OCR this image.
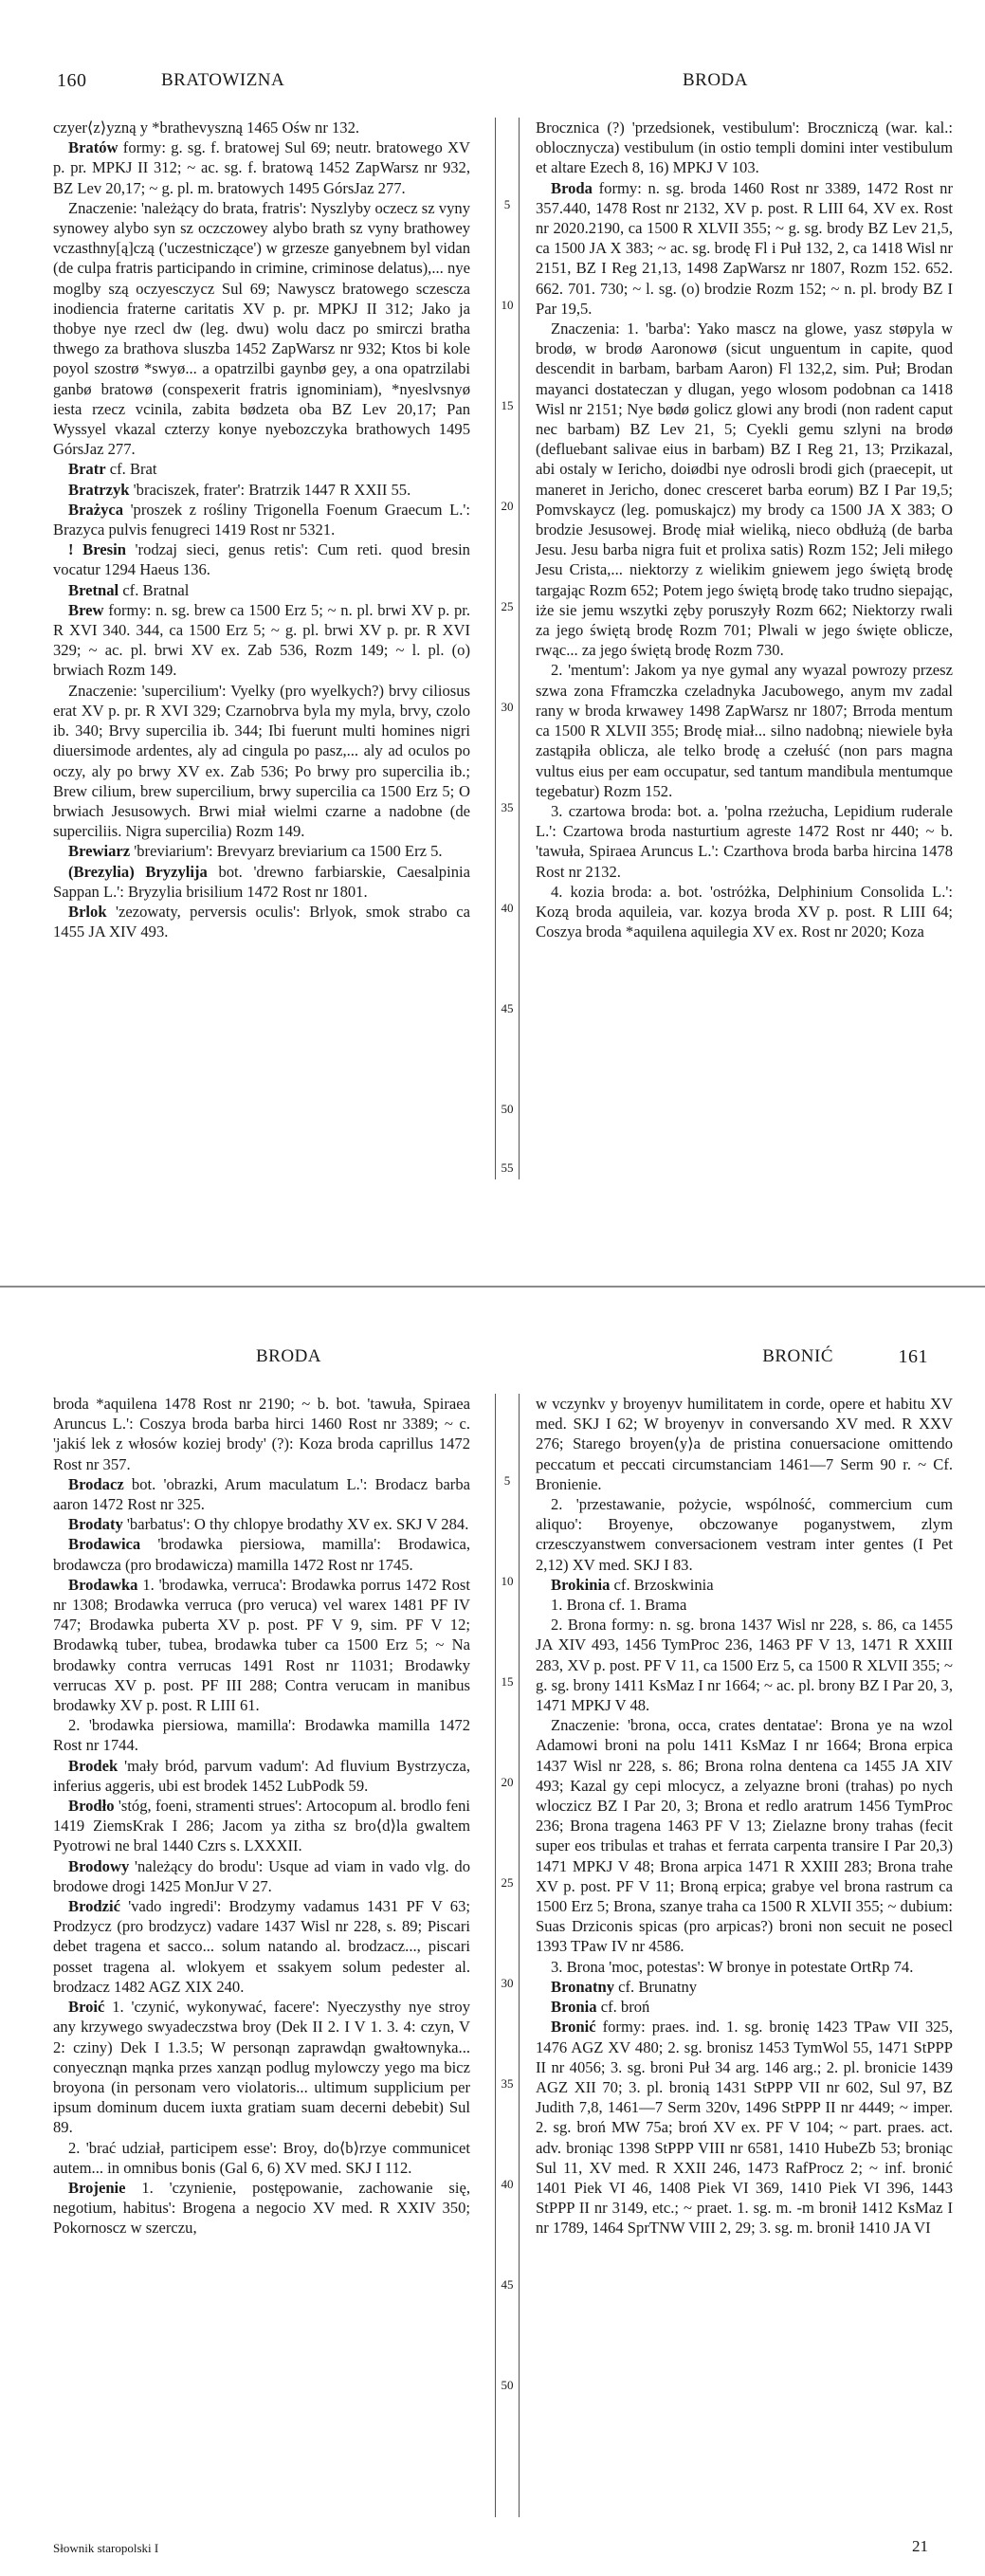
160	BRATOWIZNA	BRODA

czyer⟨z⟩yzną y *brathevyszną 1465 Ośw nr 132.

Bratów formy: g. sg. f. bratowej Sul 69; neutr. bratowego XV p. pr. MPKJ II 312; ~ ac. sg. f. bratową 1452 ZapWarsz nr 932, BZ Lev 20,17; ~ g. pl. m. bratowych 1495 GórsJaz 277.

Znaczenie: 'należący do brata, fratris': Nyszlyby oczecz sz vyny synowey alybo syn sz oczczowey alybo brath sz vyny brathowey vczasthny[ą]czą ('uczestniczące') w grzesze ganyebnem byl vidan (de culpa fratris participando in crimine, criminose delatus),... nye moglby szą oczyesczycz Sul 69; Nawyscz bratowego sczescza inodiencia fraterne caritatis XV p. pr. MPKJ II 312; Jako ja thobye nye rzecl dw (leg. dwu) wolu dacz po smirczi bratha thwego za brathova sluszba 1452 ZapWarsz nr 932; Ktos bi kole poyol szostrø *swyø... a opatrzilbi gaynbø gey, a ona opatrzilabi ganbø bratowø (conspexerit fratris ignominiam), *nyeslvsnyø iesta rzecz vcinila, zabita bødzeta oba BZ Lev 20,17; Pan Wyssyel vkazal czterzy konye nyebozczyka brathowych 1495 GórsJaz 277.

Bratr cf. Brat

Bratrzyk 'braciszek, frater': Bratrzik 1447 R XXII 55.

Brażyca 'proszek z rośliny Trigonella Foenum Graecum L.': Brazyca pulvis fenugreci 1419 Rost nr 5321.

! Bresin 'rodzaj sieci, genus retis': Cum reti. quod bresin vocatur 1294 Haeus 136.

Bretnal cf. Bratnal

Brew formy: n. sg. brew ca 1500 Erz 5; ~ n. pl. brwi XV p. pr. R XVI 340. 344, ca 1500 Erz 5; ~ g. pl. brwi XV p. pr. R XVI 329; ~ ac. pl. brwi XV ex. Zab 536, Rozm 149; ~ l. pl. (o) brwiach Rozm 149.

Znaczenie: 'supercilium': Vyelky (pro wyelkych?) brvy ciliosus erat XV p. pr. R XVI 329; Czarnobrva byla my myla, brvy, czolo ib. 340; Brvy supercilia ib. 344; Ibi fuerunt multi homines nigri diuersimode ardentes, aly ad cingula po pasz,... aly ad oculos po oczy, aly po brwy XV ex. Zab 536; Po brwy pro supercilia ib.; Brew cilium, brew supercilium, brwy supercilia ca 1500 Erz 5; O brwiach Jesusowych. Brwi miał wielmi czarne a nadobne (de superciliis. Nigra supercilia) Rozm 149.

Brewiarz 'breviarium': Brevyarz breviarium ca 1500 Erz 5.

(Brezylia) Bryzylija bot. 'drewno farbiarskie, Caesalpinia Sappan L.': Bryzylia brisilium 1472 Rost nr 1801.

Brlok 'zezowaty, perversis oculis': Brlyok, smok strabo ca 1455 JA XIV 493.

5
10
15
20
25
30
35
40
45
50
55

Brocznica (?) 'przedsionek, vestibulum': Broczniczą (war. kal.: oblocznycza) vestibulum (in ostio templi domini inter vestibulum et altare Ezech 8, 16) MPKJ V 103.

Broda formy: n. sg. broda 1460 Rost nr 3389, 1472 Rost nr 357.440, 1478 Rost nr 2132, XV p. post. R LIII 64, XV ex. Rost nr 2020.2190, ca 1500 R XLVII 355; ~ g. sg. brody BZ Lev 21,5, ca 1500 JA X 383; ~ ac. sg. brodę Fl i Puł 132, 2, ca 1418 Wisl nr 2151, BZ I Reg 21,13, 1498 ZapWarsz nr 1807, Rozm 152. 652. 662. 701. 730; ~ l. sg. (o) brodzie Rozm 152; ~ n. pl. brody BZ I Par 19,5.

Znaczenia: 1. 'barba': Yako mascz na glowe, yasz støpyla w brodø, w brodø Aaronowø (sicut unguentum in capite, quod descendit in barbam, barbam Aaron) Fl 132,2, sim. Puł; Brodan mayanci dostateczan y dlugan, yego wlosom podobnan ca 1418 Wisl nr 2151; Nye bødø golicz glowi any brodi (non radent caput nec barbam) BZ Lev 21, 5; Cyekli gemu szlyni na brodø (defluebant salivae eius in barbam) BZ I Reg 21, 13; Przikazal, abi ostaly w Iericho, doiødbi nye odrosli brodi gich (praecepit, ut maneret in Jericho, donec cresceret barba eorum) BZ I Par 19,5; Pomvskaycz (leg. pomuskajcz) my brody ca 1500 JA X 383; O brodzie Jesusowej. Brodę miał wieliką, nieco obdłużą (de barba Jesu. Jesu barba nigra fuit et prolixa satis) Rozm 152; Jeli miłego Jesu Crista,... niektorzy z wielikim gniewem jego świętą brodę targając Rozm 652; Potem jego świętą brodę tako trudno siepając, iże sie jemu wszytki zęby poruszyły Rozm 662; Niektorzy rwali za jego świętą brodę Rozm 701; Plwali w jego święte oblicze, rwąc... za jego świętą brodę Rozm 730.

2. 'mentum': Jakom ya nye gymal any wyazal powrozy przesz szwa zona Fframczka czeladnyka Jacubowego, anym mv zadal rany w broda krwawey 1498 ZapWarsz nr 1807; Brroda mentum ca 1500 R XLVII 355; Brodę miał... silno nadobną; niewiele była zastąpiła oblicza, ale telko brodę a czełuść (non pars magna vultus eius per eam occupatur, sed tantum mandibula mentumque tegebatur) Rozm 152.

3. czartowa broda: bot. a. 'polna rzeżucha, Lepidium ruderale L.': Czartowa broda nasturtium agreste 1472 Rost nr 440; ~ b. 'tawuła, Spiraea Aruncus L.': Czarthova broda barba hircina 1478 Rost nr 2132.

4. kozia broda: a. bot. 'ostróżka, Delphinium Consolida L.': Kozą broda aquileia, var. kozya broda XV p. post. R LIII 64; Coszya broda *aquilena aquilegia XV ex. Rost nr 2020; Koza

BRODA	BRONIĆ	161

broda *aquilena 1478 Rost nr 2190; ~ b. bot. 'tawuła, Spiraea Aruncus L.': Coszya broda barba hirci 1460 Rost nr 3389; ~ c. 'jakiś lek z włosów koziej brody' (?): Koza broda caprillus 1472 Rost nr 357.

Brodacz bot. 'obrazki, Arum maculatum L.': Brodacz barba aaron 1472 Rost nr 325.

Brodaty 'barbatus': O thy chlopye brodathy XV ex. SKJ V 284.

Brodawica 'brodawka piersiowa, mamilla': Brodawica, brodawcza (pro brodawicza) mamilla 1472 Rost nr 1745.

Brodawka 1. 'brodawka, verruca': Brodawka porrus 1472 Rost nr 1308; Brodawka verruca (pro veruca) vel warex 1481 PF IV 747; Brodawka puberta XV p. post. PF V 9, sim. PF V 12; Brodawką tuber, tubea, brodawka tuber ca 1500 Erz 5; ~ Na brodawky contra verrucas 1491 Rost nr 11031; Brodawky verrucas XV p. post. PF III 288; Contra verucam in manibus brodawky XV p. post. R LIII 61.

2. 'brodawka piersiowa, mamilla': Brodawka mamilla 1472 Rost nr 1744.

Brodek 'mały bród, parvum vadum': Ad fluvium Bystrzycza, inferius aggeris, ubi est brodek 1452 LubPodk 59.

Brodło 'stóg, foeni, stramenti strues': Artocopum al. brodlo feni 1419 ZiemsKrak I 286; Jacom ya zitha sz bro⟨d⟩la gwaltem Pyotrowi ne bral 1440 Czrs s. LXXXII.

Brodowy 'należący do brodu': Usque ad viam in vado vlg. do brodowe drogi 1425 MonJur V 27.

Brodzić 'vado ingredi': Brodzymy vadamus 1431 PF V 63; Prodzycz (pro brodzycz) vadare 1437 Wisl nr 228, s. 89; Piscari debet tragena et sacco... solum natando al. brodzacz..., piscari posset tragena al. wlokyem et ssakyem solum pedester al. brodzacz 1482 AGZ XIX 240.

Broić 1. 'czynić, wykonywać, facere': Nyeczysthy nye stroy any krzywego swyadeczstwa broy (Dek II 2. I V 1. 3. 4: czyn, V 2: cziny) Dek I 1.3.5; W personąn zaprawdąn gwałtownyka... conyecznąn mąnka przes xanząn podlug mylowczy yego ma bicz broyona (in personam vero violatoris... ultimum supplicium per ipsum dominum ducem iuxta gratiam suam decerni debebit) Sul 89.

2. 'brać udział, participem esse': Broy, do⟨b⟩rzye communicet autem... in omnibus bonis (Gal 6, 6) XV med. SKJ I 112.

Brojenie 1. 'czynienie, postępowanie, zachowanie się, negotium, habitus': Brogena a negocio XV med. R XXIV 350; Pokornoscz w szerczu,

5
10
15
20
25
30
35
40
45
50

w vczynkv y broyenyv humilitatem in corde, opere et habitu XV med. SKJ I 62; W broyenyv in conversando XV med. R XXV 276; Starego broyen⟨y⟩a de pristina conuersacione omittendo peccatum et peccati circumstanciam 1461—7 Serm 90 r. ~ Cf. Bronienie.

2. 'przestawanie, pożycie, wspólność, commercium cum aliquo': Broyenye, obczowanye poganystwem, zlym crzesczyanstwem conversacionem vestram inter gentes (I Pet 2,12) XV med. SKJ I 83.

Brokinia cf. Brzoskwinia

1. Brona cf. 1. Brama

2. Brona formy: n. sg. brona 1437 Wisl nr 228, s. 86, ca 1455 JA XIV 493, 1456 TymProc 236, 1463 PF V 13, 1471 R XXIII 283, XV p. post. PF V 11, ca 1500 Erz 5, ca 1500 R XLVII 355; ~ g. sg. brony 1411 KsMaz I nr 1664; ~ ac. pl. brony BZ I Par 20, 3, 1471 MPKJ V 48.

Znaczenie: 'brona, occa, crates dentatae': Brona ye na wzol Adamowi broni na polu 1411 KsMaz I nr 1664; Brona erpica 1437 Wisl nr 228, s. 86; Brona rolna dentena ca 1455 JA XIV 493; Kazal gy cepi mlocycz, a zelyazne broni (trahas) po nych wloczicz BZ I Par 20, 3; Brona et redlo aratrum 1456 TymProc 236; Brona tragena 1463 PF V 13; Zielazne brony trahas (fecit super eos tribulas et trahas et ferrata carpenta transire I Par 20,3) 1471 MPKJ V 48; Brona arpica 1471 R XXIII 283; Brona trahe XV p. post. PF V 11; Broną erpica; grabye vel brona rastrum ca 1500 Erz 5; Brona, szanye traha ca 1500 R XLVII 355; ~ dubium: Suas Drziconis spicas (pro arpicas?) broni non secuit ne posecl 1393 TPaw IV nr 4586.

3. Brona 'moc, potestas': W bronye in potestate OrtRp 74.

Bronatny cf. Brunatny

Bronia cf. broń

Bronić formy: praes. ind. 1. sg. bronię 1423 TPaw VII 325, 1476 AGZ XV 480; 2. sg. bronisz 1453 TymWol 55, 1471 StPPP II nr 4056; 3. sg. broni Puł 34 arg. 146 arg.; 2. pl. bronicie 1439 AGZ XII 70; 3. pl. bronią 1431 StPPP VII nr 602, Sul 97, BZ Judith 7,8, 1461—7 Serm 320v, 1496 StPPP II nr 4449; ~ imper. 2. sg. broń MW 75a; broń XV ex. PF V 104; ~ part. praes. act. adv. broniąc 1398 StPPP VIII nr 6581, 1410 HubeZb 53; broniąc Sul 11, XV med. R XXII 246, 1473 RafProcz 2; ~ inf. bronić 1401 Piek VI 46, 1408 Piek VI 369, 1410 Piek VI 396, 1443 StPPP II nr 3149, etc.; ~ praet. 1. sg. m. -m bronił 1412 KsMaz I nr 1789, 1464 SprTNW VIII 2, 29; 3. sg. m. bronił 1410 JA VI

Słownik staropolski I	21
